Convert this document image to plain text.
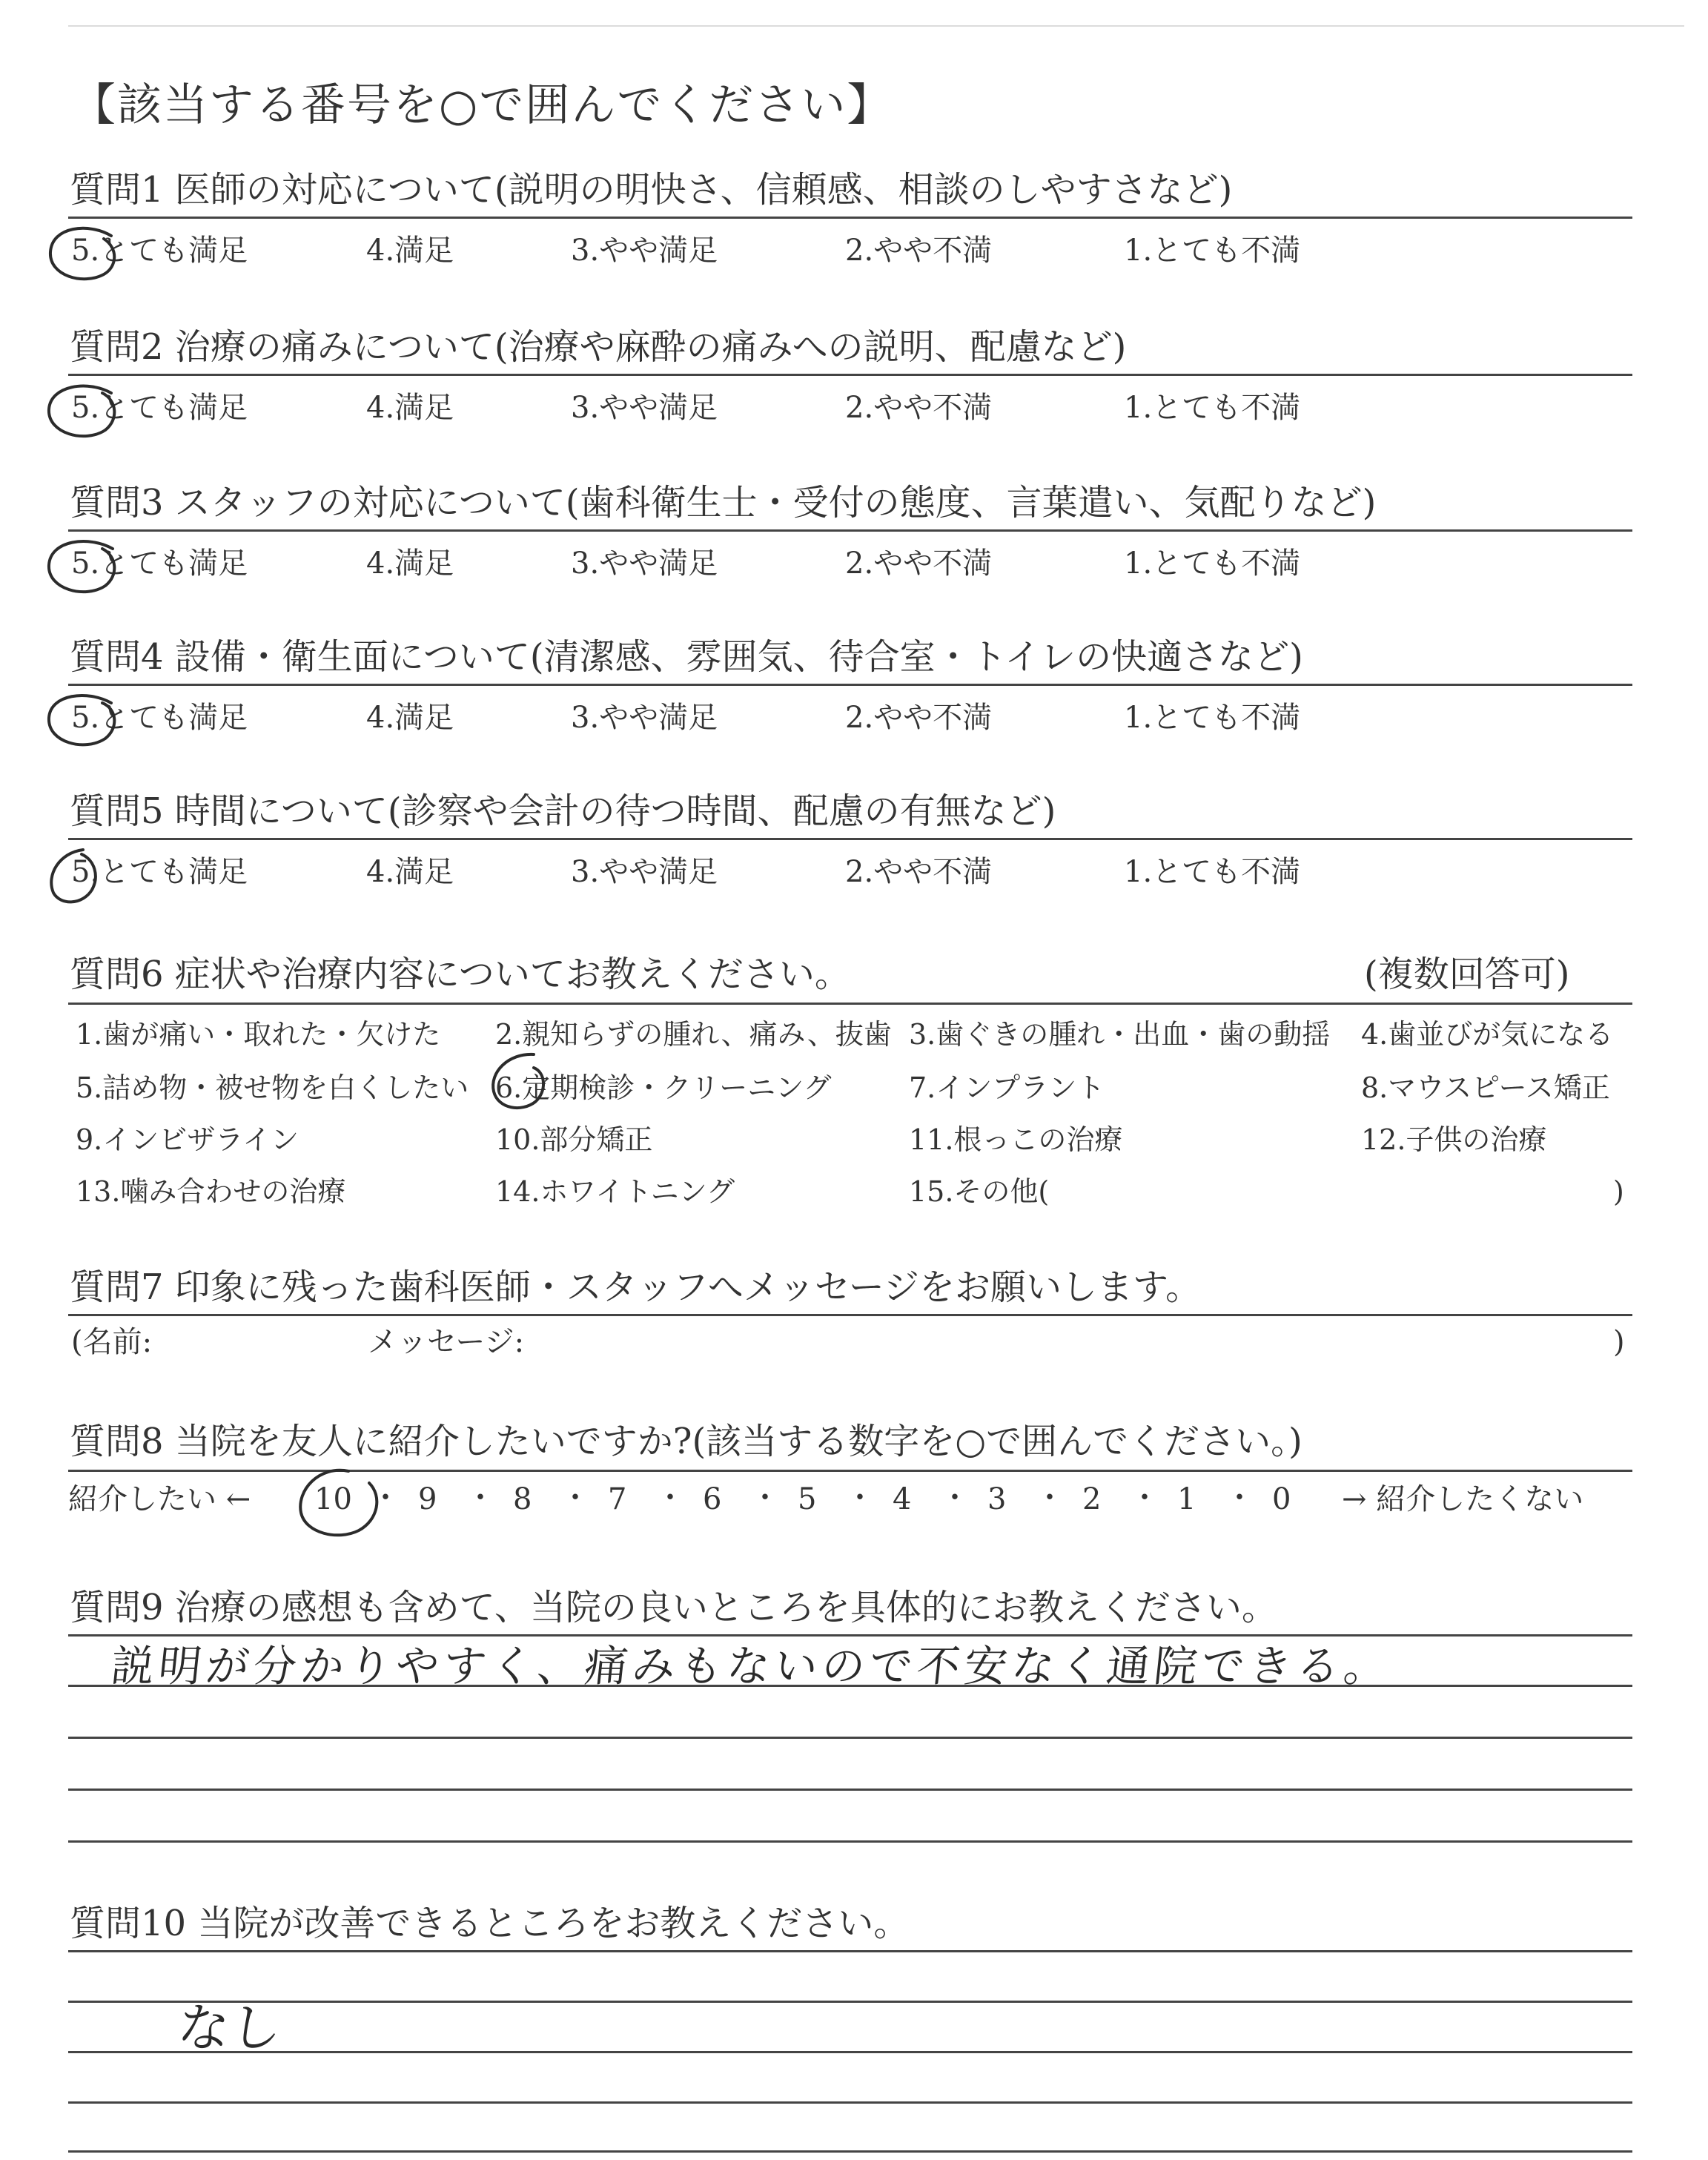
【該当する番号を○で囲んでください】
質問1 医師の対応について(説明の明快さ、信頼感、相談のしやすさなど)
5.とても満足	4.満足	3.やや満足	2.やや不満	1.とても不満
質問2 治療の痛みについて(治療や麻酔の痛みへの説明、配慮など)
5.とても満足	4.満足	3.やや満足	2.やや不満	1.とても不満
質問3 スタッフの対応について(歯科衛生士・受付の態度、言葉遣い、気配りなど)
5.とても満足	4.満足	3.やや満足	2.やや不満	1.とても不満
質問4 設備・衛生面について(清潔感、雰囲気、待合室・トイレの快適さなど)
5.とても満足	4.満足	3.やや満足	2.やや不満	1.とても不満
質問5 時間について(診察や会計の待つ時間、配慮の有無など)
5.とても満足	4.満足	3.やや満足	2.やや不満	1.とても不満
質問6 症状や治療内容についてお教えください。	(複数回答可)
1.歯が痛い・取れた・欠けた 2.親知らずの腫れ、痛み、抜歯 3.歯ぐきの腫れ・出血・歯の動揺 4.歯並びが気になる
5.詰め物・被せ物を白くしたい 6.定期検診・クリーニング	7.インプラント	8.マウスピース矯正
9.インビザライン	10.部分矯正	11.根っこの治療	12.子供の治療
13.噛み合わせの治療	14.ホワイトニング	15.その他(	)
質問7 印象に残った歯科医師・スタッフへメッセージをお願いします。
(名前:	メッセージ:	)
質問8 当院を友人に紹介したいですか?(該当する数字を○で囲んでください。)
紹介したい ← 10 ・ 9 ・ 8 ・ 7 ・ 6 ・ 5 ・ 4 ・ 3 ・ 2 ・ 1 ・ 0 → 紹介したくない
質問9 治療の感想も含めて、当院の良いところを具体的にお教えください。
説明が分かりやすく、痛みもないので不安なく通院できる。
質問10 当院が改善できるところをお教えください。
なし
